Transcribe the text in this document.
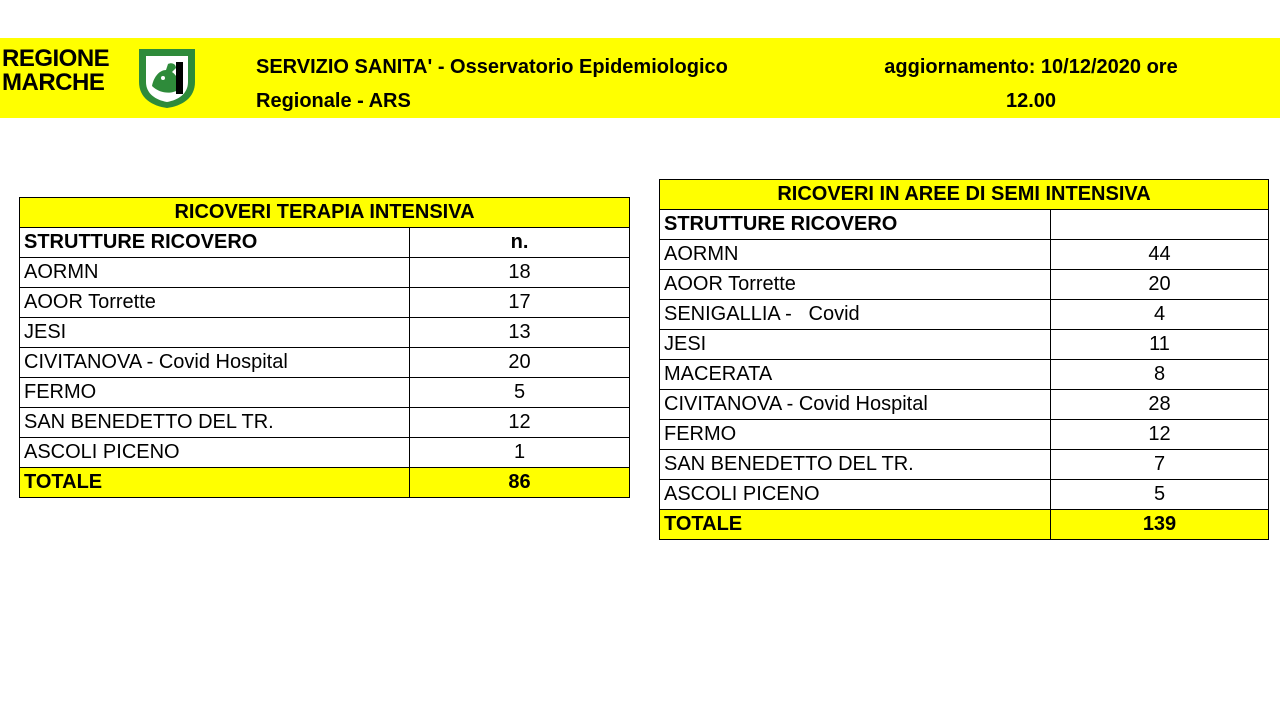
REGIONE
MARCHE
SERVIZIO SANITA' - Osservatorio Epidemiologico
Regionale - ARS
aggiornamento: 10/12/2020 ore
12.00
RICOVERI TERAPIA INTENSIVA	
STRUTTURE RICOVERO	n.
AORMN	18
AOOR Torrette	17
JESI	13
CIVITANOVA - Covid Hospital	20
FERMO	5
SAN BENEDETTO DEL TR.	12
ASCOLI PICENO	1
TOTALE	86
RICOVERI IN AREE DI SEMI INTENSIVA	
STRUTTURE RICOVERO	
AORMN	44
AOOR Torrette	20
SENIGALLIA -   Covid	4
JESI	11
MACERATA	8
CIVITANOVA - Covid Hospital	28
FERMO	12
SAN BENEDETTO DEL TR.	7
ASCOLI PICENO	5
TOTALE	139
